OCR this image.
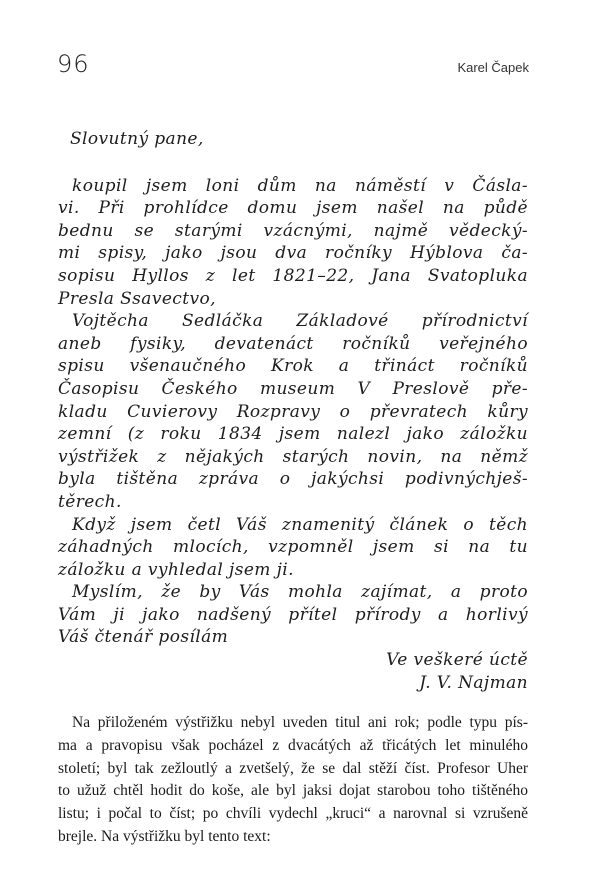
96	Karel Čapek
Slovutný pane,
koupil jsem loni dům na náměstí v Čásla-
vi. Při prohlídce domu jsem našel na půdě
bednu se starými vzácnými, najmě vědecký-
mi spisy, jako jsou dva ročníky Hýblova ča-
sopisu Hyllos z let 1821–22, Jana Svatopluka
Presla Ssavectvo,
Vojtěcha Sedláčka Základové přírodnictví
aneb fysiky, devatenáct ročníků veřejného
spisu všenaučného Krok a třináct ročníků
Časopisu Českého museum V Preslově pře-
kladu Cuvierovy Rozpravy o převratech kůry
zemní (z roku 1834 jsem nalezl jako záložku
výstřižek z nějakých starých novin, na němž
byla tištěna zpráva o jakýchsi podivnýchješ-
těrech.
Když jsem četl Váš znamenitý článek o těch
záhadných mlocích, vzpomněl jsem si na tu
záložku a vyhledal jsem ji.
Myslím, že by Vás mohla zajímat, a proto
Vám ji jako nadšený přítel přírody a horlivý
Váš čtenář posílám
Ve veškeré úctě
J. V. Najman
Na přiloženém výstřižku nebyl uveden titul ani rok; podle typu pís-
ma a pravopisu však pocházel z dvacátých až třicátých let minulého
století; byl tak zežloutlý a zvetšelý, že se dal stěží číst. Profesor Uher
to užuž chtěl hodit do koše, ale byl jaksi dojat starobou toho tištěného
listu; i počal to číst; po chvíli vydechl „kruci“ a narovnal si vzrušeně
brejle. Na výstřižku byl tento text:
